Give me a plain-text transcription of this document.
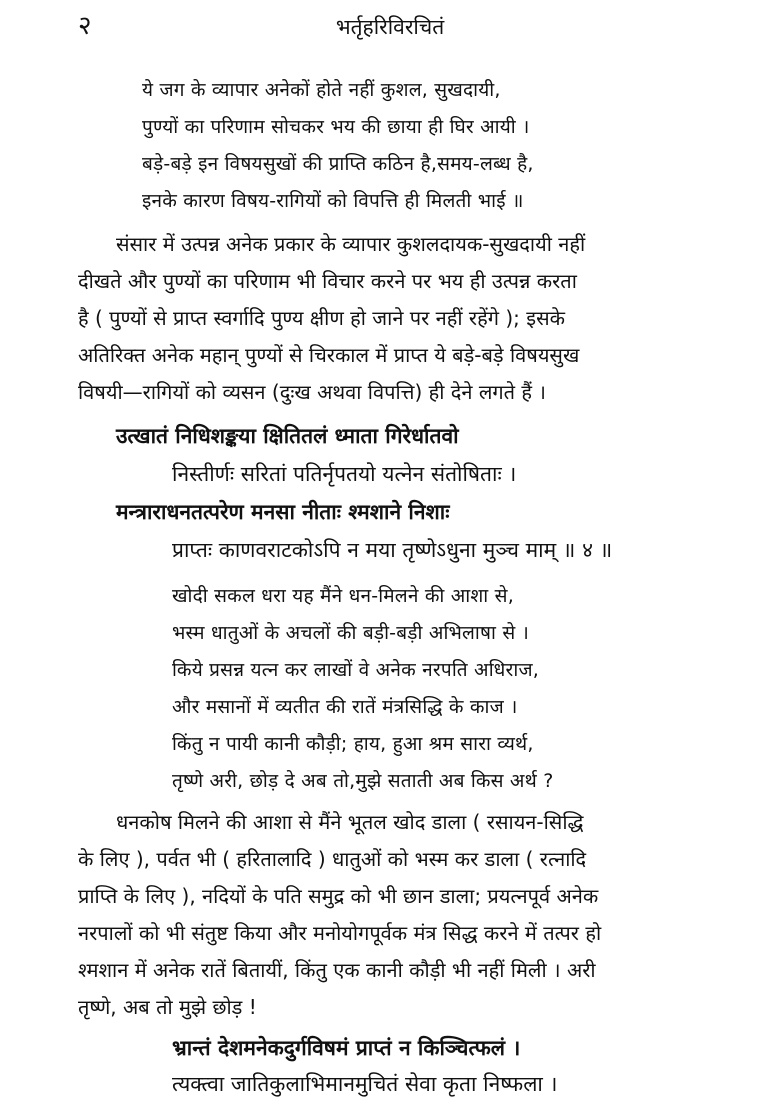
२	भर्तृहरिविरचितं
ये जग के व्यापार अनेकों होते नहीं कुशल, सुखदायी,
पुण्यों का परिणाम सोचकर भय की छाया ही घिर आयी ।
बड़े-बड़े इन विषयसुखों की प्राप्ति कठिन है,समय-लब्ध है,
इनके कारण विषय-रागियों को विपत्ति ही मिलती भाई ॥
संसार में उत्पन्न अनेक प्रकार के व्यापार कुशलदायक-सुखदायी नहीं
दीखते और पुण्यों का परिणाम भी विचार करने पर भय ही उत्पन्न करता
है ( पुण्यों से प्राप्त स्वर्गादि पुण्य क्षीण हो जाने पर नहीं रहेंगे ); इसके
अतिरिक्त अनेक महान् पुण्यों से चिरकाल में प्राप्त ये बड़े-बड़े विषयसुख
विषयी—रागियों को व्यसन (दुःख अथवा विपत्ति) ही देने लगते हैं ।
उत्खातं निधिशङ्कया क्षितितलं ध्माता गिरेर्धातवो
निस्तीर्णः सरितां पतिर्नृपतयो यत्नेन संतोषिताः ।
मन्त्राराधनतत्परेण मनसा नीताः श्मशाने निशाः
प्राप्तः काणवराटकोऽपि न मया तृष्णेऽधुना मुञ्च माम् ॥ ४ ॥
खोदी सकल धरा यह मैंने धन-मिलने की आशा से,
भस्म धातुओं के अचलों की बड़ी-बड़ी अभिलाषा से ।
किये प्रसन्न यत्न कर लाखों वे अनेक नरपति अधिराज,
और मसानों में व्यतीत की रातें मंत्रसिद्धि के काज ।
किंतु न पायी कानी कौड़ी; हाय, हुआ श्रम सारा व्यर्थ,
तृष्णे अरी, छोड़ दे अब तो,मुझे सताती अब किस अर्थ ?
धनकोष मिलने की आशा से मैंने भूतल खोद डाला ( रसायन-सिद्धि
के लिए ), पर्वत भी ( हरितालादि ) धातुओं को भस्म कर डाला ( रत्नादि
प्राप्ति के लिए ), नदियों के पति समुद्र को भी छान डाला; प्रयत्नपूर्व अनेक
नरपालों को भी संतुष्ट किया और मनोयोगपूर्वक मंत्र सिद्ध करने में तत्पर हो
श्मशान में अनेक रातें बितायीं, किंतु एक कानी कौड़ी भी नहीं मिली । अरी
तृष्णे, अब तो मुझे छोड़ !
भ्रान्तं देशमनेकदुर्गविषमं प्राप्तं न किञ्चित्फलं ।
त्यक्त्वा जातिकुलाभिमानमुचितं सेवा कृता निष्फला ।
